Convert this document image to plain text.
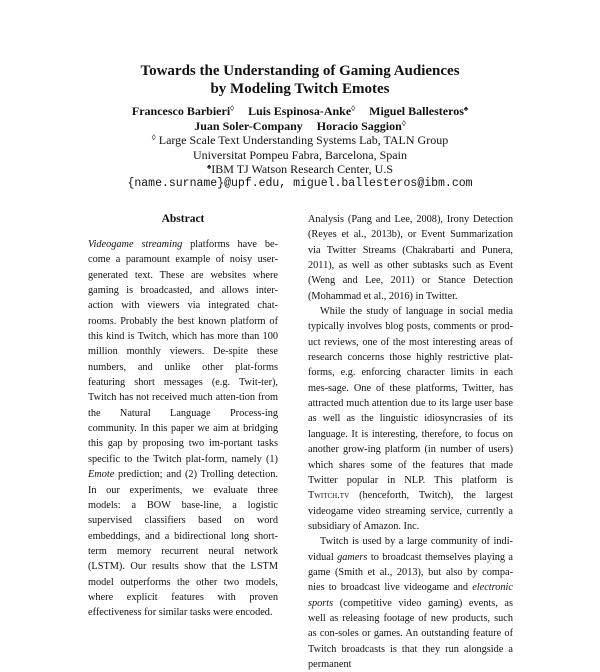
Towards the Understanding of Gaming Audiences
by Modeling Twitch Emotes
Francesco Barbieri◊ Luis Espinosa-Anke◊ Miguel Ballesteros♠
Juan Soler-Company Horacio Saggion◊
◊ Large Scale Text Understanding Systems Lab, TALN Group
Universitat Pompeu Fabra, Barcelona, Spain
♠IBM TJ Watson Research Center, U.S
{name.surname}@upf.edu, miguel.ballesteros@ibm.com
Abstract

Videogame streaming platforms have be-come a paramount example of noisy user-generated text. These are websites where gaming is broadcasted, and allows inter-action with viewers via integrated chat-rooms. Probably the best known platform of this kind is Twitch, which has more than 100 million monthly viewers. De-spite these numbers, and unlike other plat-forms featuring short messages (e.g. Twit-ter), Twitch has not received much atten-tion from the Natural Language Process-ing community. In this paper we aim at bridging this gap by proposing two im-portant tasks specific to the Twitch plat-form, namely (1) Emote prediction; and (2) Trolling detection. In our experiments, we evaluate three models: a BOW base-line, a logistic supervised classifiers based on word embeddings, and a bidirectional long short-term memory recurrent neural network (LSTM). Our results show that the LSTM model outperforms the other two models, where explicit features with proven effectiveness for similar tasks were encoded.

Analysis (Pang and Lee, 2008), Irony Detection (Reyes et al., 2013b), or Event Summarization via Twitter Streams (Chakrabarti and Punera, 2011), as well as other subtasks such as Event (Weng and Lee, 2011) or Stance Detection (Mohammad et al., 2016) in Twitter.

While the study of language in social media typically involves blog posts, comments or prod-uct reviews, one of the most interesting areas of research concerns those highly restrictive plat-forms, e.g. enforcing character limits in each mes-sage. One of these platforms, Twitter, has attracted much attention due to its large user base as well as the linguistic idiosyncrasies of its language. It is interesting, therefore, to focus on another grow-ing platform (in number of users) which shares some of the features that made Twitter popular in NLP. This platform is Twitch.tv (henceforth, Twitch), the largest videogame video streaming service, currently a subsidiary of Amazon. Inc.

Twitch is used by a large community of indi-vidual gamers to broadcast themselves playing a game (Smith et al., 2013), but also by compa-nies to broadcast live videogame and electronic sports (competitive video gaming) events, as well as releasing footage of new products, such as con-soles or games. An outstanding feature of Twitch broadcasts is that they run alongside a permanent
